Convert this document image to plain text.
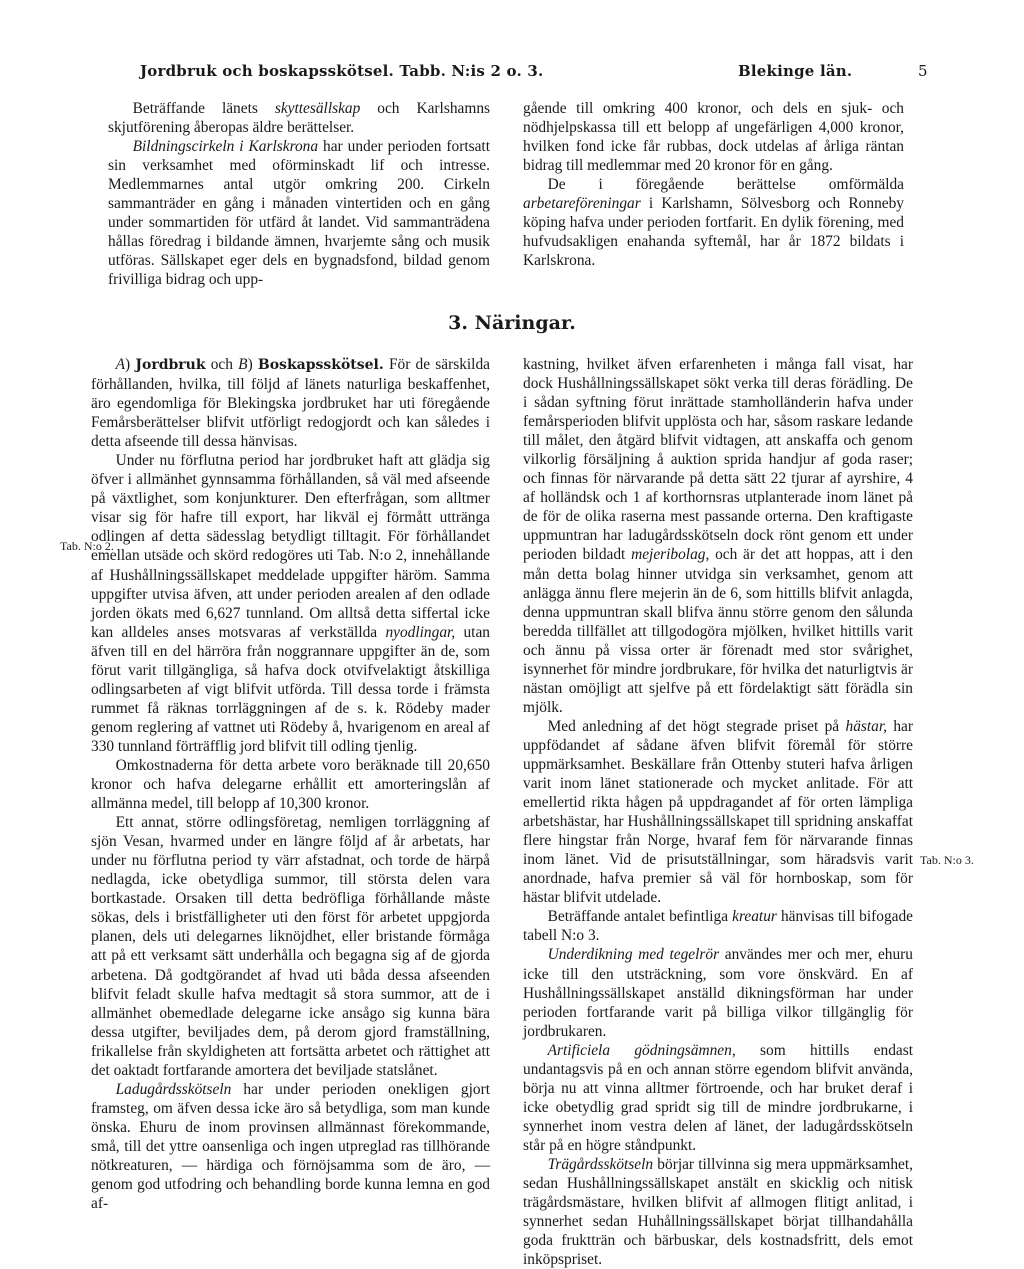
Jordbruk och boskapsskötsel. Tabb. N:is 2 o. 3.	Blekinge län.	5

Beträffande länets skyttesällskap och Karlshamns skjutförening åberopas äldre berättelser.

Bildningscirkeln i Karlskrona har under perioden fortsatt sin verksamhet med oförminskadt lif och intresse. Medlemmarnes antal utgör omkring 200. Cirkeln sammanträder en gång i månaden vintertiden och en gång under sommartiden för utfärd åt landet. Vid sammanträdena hållas föredrag i bildande ämnen, hvarjemte sång och musik utföras. Sällskapet eger dels en bygnadsfond, bildad genom frivilliga bidrag och upp-

gående till omkring 400 kronor, och dels en sjuk- och nödhjelpskassa till ett belopp af ungefärligen 4,000 kronor, hvilken fond icke får rubbas, dock utdelas af årliga räntan bidrag till medlemmar med 20 kronor för en gång.

De i föregående berättelse omförmälda arbetareföreningar i Karlshamn, Sölvesborg och Ronneby köping hafva under perioden fortfarit. En dylik förening, med hufvudsakligen enahanda syftemål, har år 1872 bildats i Karlskrona.

3. Näringar.
Tab. N:o 2.
Tab. N:o 3.

A) Jordbruk och B) Boskapsskötsel. För de särskilda förhållanden, hvilka, till följd af länets naturliga beskaffenhet, äro egendomliga för Blekingska jordbruket har uti föregående Femårsberättelser blifvit utförligt redogjordt och kan således i detta afseende till dessa hänvisas.

Under nu förflutna period har jordbruket haft att glädja sig öfver i allmänhet gynnsamma förhållanden, så väl med afseende på växtlighet, som konjunkturer. Den efterfrågan, som alltmer visar sig för hafre till export, har likväl ej förmått uttränga odlingen af detta sädesslag betydligt tilltagit. För förhållandet emellan utsäde och skörd redogöres uti Tab. N:o 2, innehållande af Hushållningssällskapet meddelade uppgifter häröm. Samma uppgifter utvisa äfven, att under perioden arealen af den odlade jorden ökats med 6,627 tunnland. Om alltså detta siffertal icke kan alldeles anses motsvaras af verkställda nyodlingar, utan äfven till en del härröra från noggrannare uppgifter än de, som förut varit tillgängliga, så hafva dock otvifvelaktigt åtskilliga odlingsarbeten af vigt blifvit utförda. Till dessa torde i främsta rummet få räknas torrläggningen af de s. k. Rödeby mader genom reglering af vattnet uti Rödeby å, hvarigenom en areal af 330 tunnland förträfflig jord blifvit till odling tjenlig.

Omkostnaderna för detta arbete voro beräknade till 20,650 kronor och hafva delegarne erhållit ett amorteringslån af allmänna medel, till belopp af 10,300 kronor.

Ett annat, större odlingsföretag, nemligen torrläggning af sjön Vesan, hvarmed under en längre följd af år arbetats, har under nu förflutna period ty värr afstadnat, och torde de härpå nedlagda, icke obetydliga summor, till största delen vara bortkastade. Orsaken till detta bedröfliga förhållande måste sökas, dels i bristfälligheter uti den först för arbetet uppgjorda planen, dels uti delegarnes liknöjdhet, eller bristande förmåga att på ett verksamt sätt underhålla och begagna sig af de gjorda arbetena. Då godtgörandet af hvad uti båda dessa afseenden blifvit feladt skulle hafva medtagit så stora summor, att de i allmänhet obemedlade delegarne icke ansågo sig kunna bära dessa utgifter, beviljades dem, på derom gjord framställning, frikallelse från skyldigheten att fortsätta arbetet och rättighet att det oaktadt fortfarande amortera det beviljade statslånet.

Ladugårdsskötseln har under perioden onekligen gjort framsteg, om äfven dessa icke äro så betydliga, som man kunde önska. Ehuru de inom provinsen allmännast förekommande, små, till det yttre oansenliga och ingen utpreglad ras tillhörande nötkreaturen, — härdiga och förnöjsamma som de äro, — genom god utfodring och behandling borde kunna lemna en god af-

kastning, hvilket äfven erfarenheten i många fall visat, har dock Hushållningssällskapet sökt verka till deras förädling. De i sådan syftning förut inrättade stamholländerin hafva under femårsperioden blifvit upplösta och har, såsom raskare ledande till målet, den åtgärd blifvit vidtagen, att anskaffa och genom vilkorlig försäljning å auktion sprida handjur af goda raser; och finnas för närvarande på detta sätt 22 tjurar af ayrshire, 4 af holländsk och 1 af korthornsras utplanterade inom länet på de för de olika raserna mest passande orterna. Den kraftigaste uppmuntran har ladugårdsskötseln dock rönt genom ett under perioden bildadt mejeribolag, och är det att hoppas, att i den mån detta bolag hinner utvidga sin verksamhet, genom att anlägga ännu flere mejerin än de 6, som hittills blifvit anlagda, denna uppmuntran skall blifva ännu större genom den sålunda beredda tillfället att tillgodogöra mjölken, hvilket hittills varit och ännu på vissa orter är förenadt med stor svårighet, isynnerhet för mindre jordbrukare, för hvilka det naturligtvis är nästan omöjligt att sjelfve på ett fördelaktigt sätt förädla sin mjölk.

Med anledning af det högt stegrade priset på hästar, har uppfödandet af sådane äfven blifvit föremål för större uppmärksamhet. Beskällare från Ottenby stuteri hafva årligen varit inom länet stationerade och mycket anlitade. För att emellertid rikta hågen på uppdragandet af för orten lämpliga arbetshästar, har Hushållningssällskapet till spridning anskaffat flere hingstar från Norge, hvaraf fem för närvarande finnas inom länet. Vid de prisutställningar, som häradsvis varit anordnade, hafva premier så väl för hornboskap, som för hästar blifvit utdelade.

Beträffande antalet befintliga kreatur hänvisas till bifogade tabell N:o 3.

Underdikning med tegelrör användes mer och mer, ehuru icke till den utsträckning, som vore önskvärd. En af Hushållningssällskapet anställd dikningsförman har under perioden fortfarande varit på billiga vilkor tillgänglig för jordbrukaren.

Artificiela gödningsämnen, som hittills endast undantagsvis på en och annan större egendom blifvit använda, börja nu att vinna alltmer förtroende, och har bruket deraf i icke obetydlig grad spridt sig till de mindre jordbrukarne, i synnerhet inom vestra delen af länet, der ladugårdsskötseln står på en högre ståndpunkt.

Trägårdsskötseln börjar tillvinna sig mera uppmärksamhet, sedan Hushållningssällskapet anstält en skicklig och nitisk trägårdsmästare, hvilken blifvit af allmogen flitigt anlitad, i synnerhet sedan Huhållningssällskapet börjat tillhandahålla goda fruktträn och bärbuskar, dels kostnadsfritt, dels emot inköpspriset.
